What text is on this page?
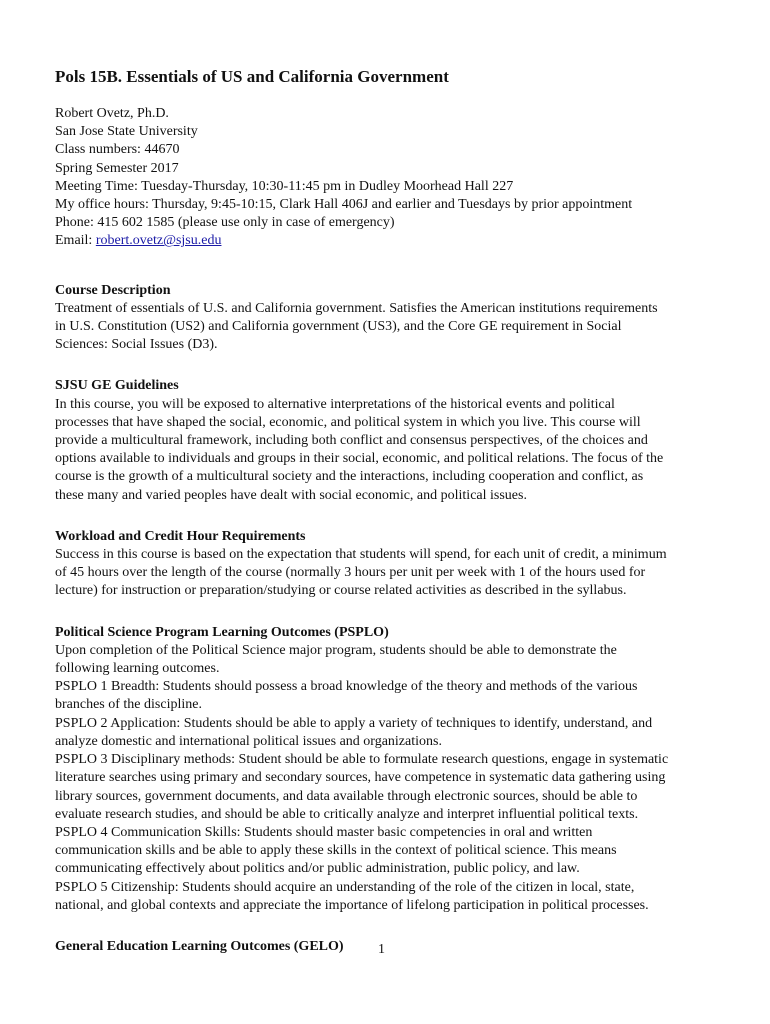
Pols 15B. Essentials of US and California Government
Robert Ovetz, Ph.D.
San Jose State University
Class numbers: 44670
Spring Semester 2017
Meeting Time: Tuesday-Thursday, 10:30-11:45 pm in Dudley Moorhead Hall 227
My office hours: Thursday, 9:45-10:15, Clark Hall 406J and earlier and Tuesdays by prior appointment
Phone: 415 602 1585 (please use only in case of emergency)
Email: robert.ovetz@sjsu.edu
Course Description
Treatment of essentials of U.S. and California government. Satisfies the American institutions requirements
in U.S. Constitution (US2) and California government (US3), and the Core GE requirement in Social
Sciences: Social Issues (D3).
SJSU GE Guidelines
In this course, you will be exposed to alternative interpretations of the historical events and political
processes that have shaped the social, economic, and political system in which you live. This course will
provide a multicultural framework, including both conflict and consensus perspectives, of the choices and
options available to individuals and groups in their social, economic, and political relations. The focus of the
course is the growth of a multicultural society and the interactions, including cooperation and conflict, as
these many and varied peoples have dealt with social economic, and political issues.
Workload and Credit Hour Requirements
Success in this course is based on the expectation that students will spend, for each unit of credit, a minimum
of 45 hours over the length of the course (normally 3 hours per unit per week with 1 of the hours used for
lecture) for instruction or preparation/studying or course related activities as described in the syllabus.
Political Science Program Learning Outcomes (PSPLO)
Upon completion of the Political Science major program, students should be able to demonstrate the
following learning outcomes.
PSPLO 1 Breadth: Students should possess a broad knowledge of the theory and methods of the various
branches of the discipline.
PSPLO 2 Application: Students should be able to apply a variety of techniques to identify, understand, and
analyze domestic and international political issues and organizations.
PSPLO 3 Disciplinary methods: Student should be able to formulate research questions, engage in systematic
literature searches using primary and secondary sources, have competence in systematic data gathering using
library sources, government documents, and data available through electronic sources, should be able to
evaluate research studies, and should be able to critically analyze and interpret influential political texts.
PSPLO 4 Communication Skills: Students should master basic competencies in oral and written
communication skills and be able to apply these skills in the context of political science. This means
communicating effectively about politics and/or public administration, public policy, and law.
PSPLO 5 Citizenship: Students should acquire an understanding of the role of the citizen in local, state,
national, and global contexts and appreciate the importance of lifelong participation in political processes.
General Education Learning Outcomes (GELO)	1
